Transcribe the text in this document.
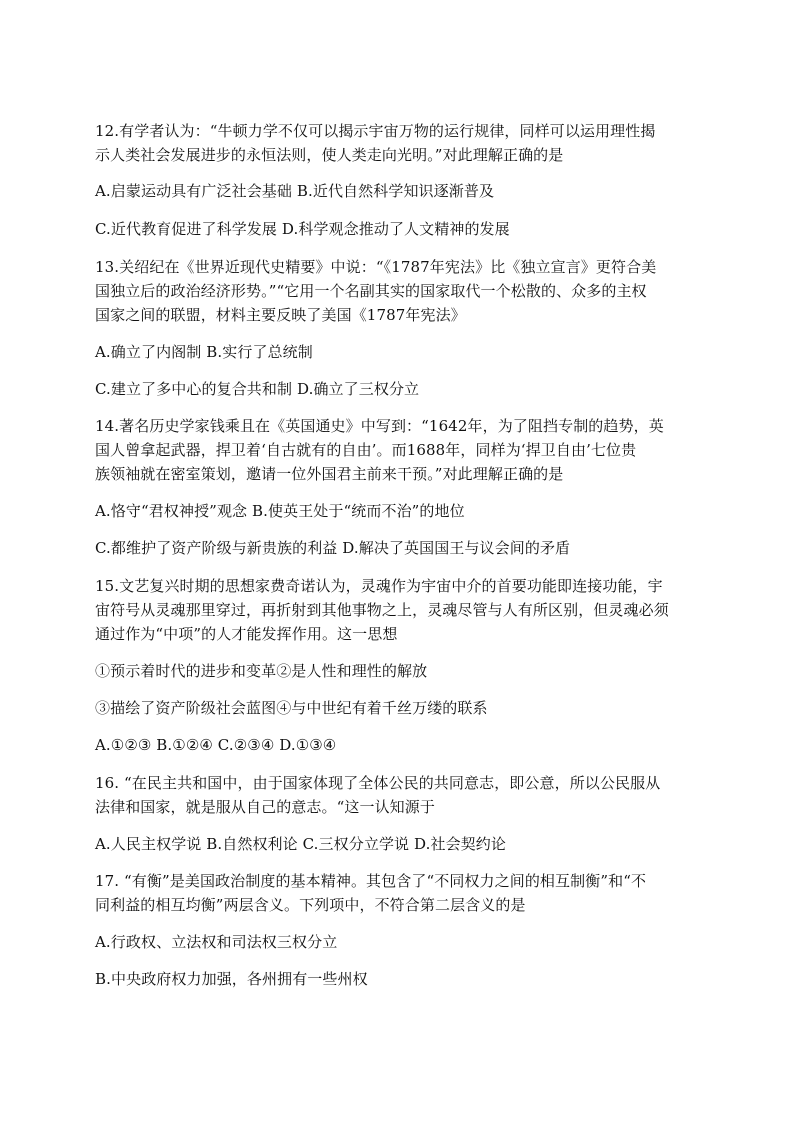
12.有学者认为：“牛顿力学不仅可以揭示宇宙万物的运行规律，同样可以运用理性揭
示人类社会发展进步的永恒法则，使人类走向光明。”对此理解正确的是
A.启蒙运动具有广泛社会基础 B.近代自然科学知识逐渐普及
C.近代教育促进了科学发展 D.科学观念推动了人文精神的发展
13.关绍纪在《世界近现代史精要》中说：“《1787年宪法》比《独立宣言》更符合美
国独立后的政治经济形势。”“它用一个名副其实的国家取代一个松散的、众多的主权
国家之间的联盟，材料主要反映了美国《1787年宪法》
A.确立了内阁制 B.实行了总统制
C.建立了多中心的复合共和制 D.确立了三权分立
14.著名历史学家钱乘且在《英国通史》中写到：“1642年，为了阻挡专制的趋势，英
国人曾拿起武器，捍卫着‘自古就有的自由’。而1688年，同样为‘捍卫自由’七位贵
族领袖就在密室策划，邀请一位外国君主前来干预。”对此理解正确的是
A.恪守“君权神授”观念 B.使英王处于“统而不治”的地位
C.都维护了资产阶级与新贵族的利益 D.解决了英国国王与议会间的矛盾
15.文艺复兴时期的思想家费奇诺认为，灵魂作为宇宙中介的首要功能即连接功能，宇
宙符号从灵魂那里穿过，再折射到其他事物之上，灵魂尽管与人有所区别，但灵魂必须
通过作为“中项”的人才能发挥作用。这一思想
①预示着时代的进步和变革②是人性和理性的解放
③描绘了资产阶级社会蓝图④与中世纪有着千丝万缕的联系
A.①②③ B.①②④ C.②③④ D.①③④
16. “在民主共和国中，由于国家体现了全体公民的共同意志，即公意，所以公民服从
法律和国家，就是服从自己的意志。“这一认知源于
A.人民主权学说 B.自然权利论 C.三权分立学说 D.社会契约论
17. “有衡”是美国政治制度的基本精神。其包含了“不同权力之间的相互制衡”和“不
同利益的相互均衡”两层含义。下列项中，不符合第二层含义的是
A.行政权、立法权和司法权三权分立
B.中央政府权力加强，各州拥有一些州权
